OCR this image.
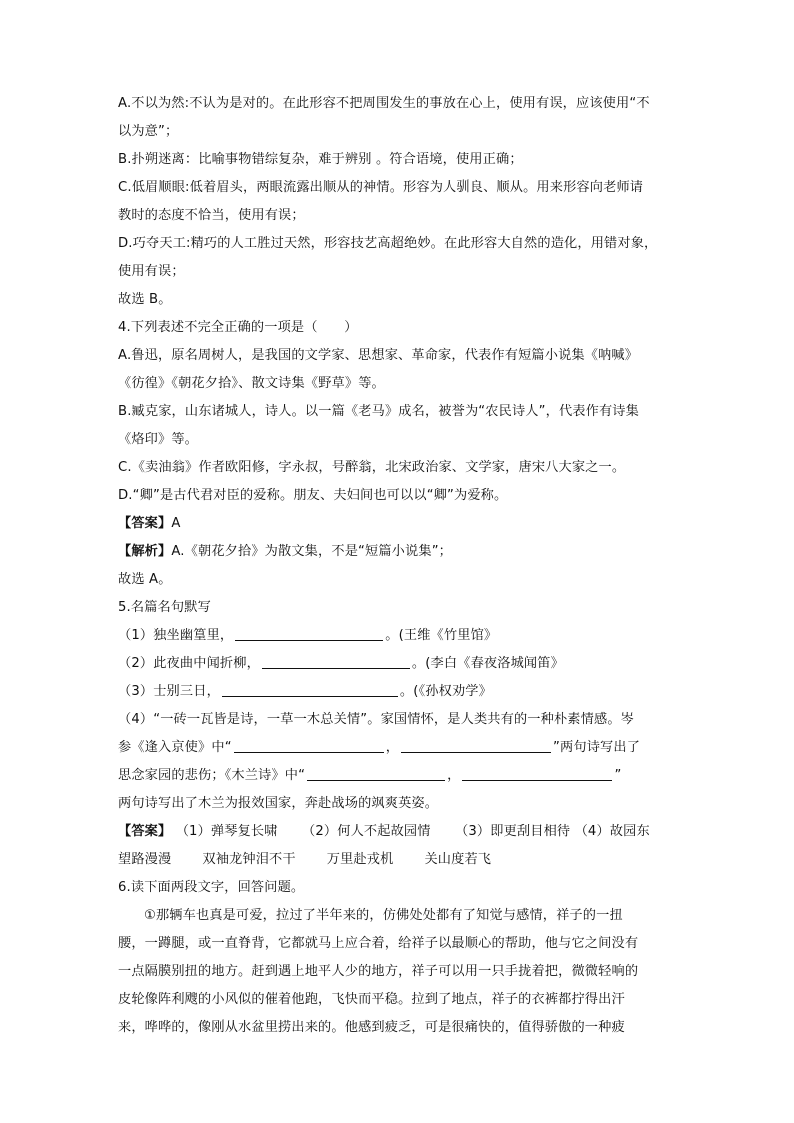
A.不以为然:不认为是对的。在此形容不把周围发生的事放在心上，使用有误，应该使用“不
以为意”；
B.扑朔迷离：比喻事物错综复杂，难于辨别 。符合语境，使用正确；
C.低眉顺眼:低着眉头，两眼流露出顺从的神情。形容为人驯良、顺从。用来形容向老师请
教时的态度不恰当，使用有误；
D.巧夺天工:精巧的人工胜过天然，形容技艺高超绝妙。在此形容大自然的造化，用错对象，
使用有误；
故选 B。
4.下列表述不完全正确的一项是（　　）
A.鲁迅，原名周树人，是我国的文学家、思想家、革命家，代表作有短篇小说集《呐喊》
《彷徨》《朝花夕拾》、散文诗集《野草》等。
B.臧克家，山东诸城人，诗人。以一篇《老马》成名，被誉为“农民诗人”，代表作有诗集
《烙印》等。
C.《卖油翁》作者欧阳修，字永叔，号醉翁，北宋政治家、文学家，唐宋八大家之一。
D.“卿”是古代君对臣的爱称。朋友、夫妇间也可以以“卿”为爱称。
【答案】A
【解析】A.《朝花夕拾》为散文集，不是“短篇小说集”；
故选 A。
5.名篇名句默写
（1）独坐幽篁里，	。(王维《竹里馆》
（2）此夜曲中闻折柳，	。(李白《春夜洛城闻笛》
（3）士别三日，	。(《孙权劝学》
（4）“一砖一瓦皆是诗，一草一木总关情”。家国情怀，是人类共有的一种朴素情感。岑
参《逢入京使》中“	，	”两句诗写出了
思念家园的悲伤；《木兰诗》中“	，	”
两句诗写出了木兰为报效国家，奔赴战场的飒爽英姿。
【答案】 （1）弹琴复长啸 　　（2）何人不起故园情 　　（3）即更刮目相待 （4）故园东
望路漫漫 　　双袖龙钟泪不干 　　万里赴戎机 　　关山度若飞
6.读下面两段文字，回答问题。
①那辆车也真是可爱，拉过了半年来的，仿佛处处都有了知觉与感情，祥子的一扭
腰，一蹲腿，或一直脊背，它都就马上应合着，给祥子以最顺心的帮助，他与它之间没有
一点隔膜别扭的地方。赶到遇上地平人少的地方，祥子可以用一只手拢着把，微微轻响的
皮轮像阵利飕的小风似的催着他跑，飞快而平稳。拉到了地点，祥子的衣裤都拧得出汗
来，哗哗的，像刚从水盆里捞出来的。他感到疲乏，可是很痛快的，值得骄傲的一种疲
